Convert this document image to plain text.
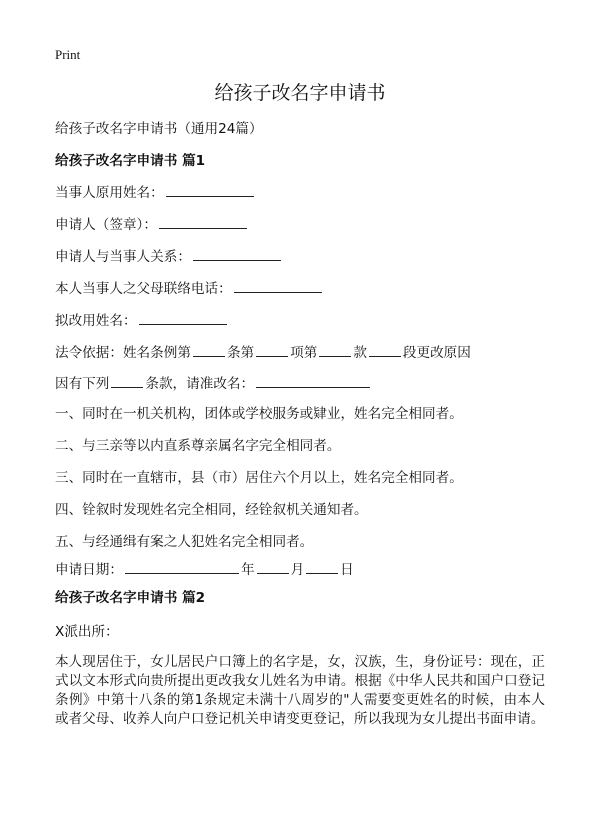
Print
给孩子改名字申请书
给孩子改名字申请书（通用24篇）
给孩子改名字申请书 篇1
当事人原用姓名：
申请人（签章）：
申请人与当事人关系：
本人当事人之父母联络电话：
拟改用姓名：
法令依据：姓名条例第	条第	项第	款	段更改原因
因有下列	条款，请准改名：
一、同时在一机关机构，团体或学校服务或肄业，姓名完全相同者。
二、与三亲等以内直系尊亲属名字完全相同者。
三、同时在一直辖市，县（市）居住六个月以上，姓名完全相同者。
四、铨叙时发现姓名完全相同，经铨叙机关通知者。
五、与经通缉有案之人犯姓名完全相同者。
申请日期：	年	月	日
给孩子改名字申请书 篇2
X派出所：
本人现居住于，女儿居民户口簿上的名字是，女，汉族，生，身份证号：现在，正式以文本形式向贵所提出更改我女儿姓名为申请。根据《中华人民共和国户口登记条例》中第十八条的第1条规定未满十八周岁的"人需要变更姓名的时候，由本人或者父母、收养人向户口登记机关申请变更登记，所以我现为女儿提出书面申请。
